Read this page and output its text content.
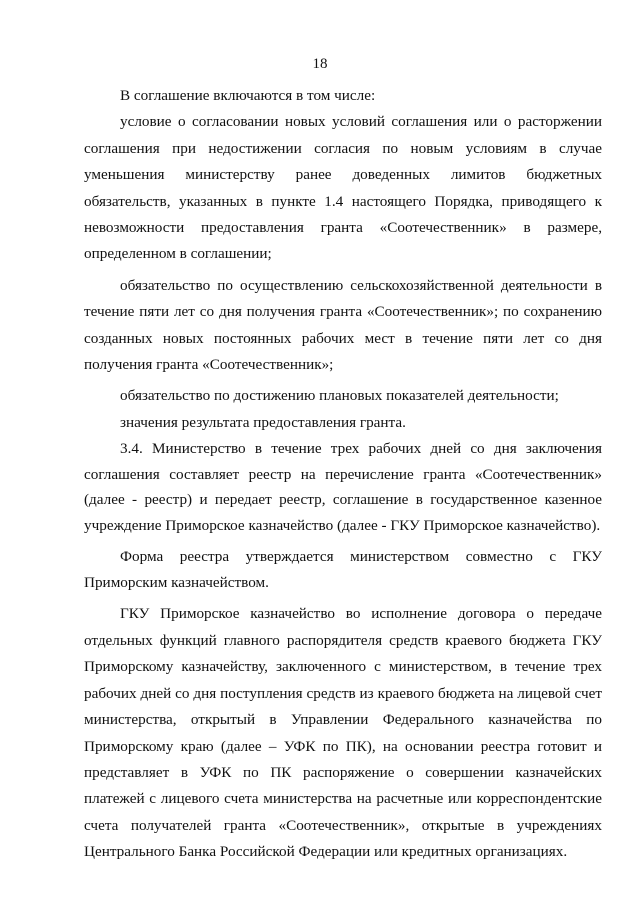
18

В соглашение включаются в том числе:

условие о согласовании новых условий соглашения или о расторжении соглашения при недостижении согласия по новым условиям в случае уменьшения министерству ранее доведенных лимитов бюджетных обязательств, указанных в пункте 1.4 настоящего Порядка, приводящего к невозможности предоставления гранта «Соотечественник» в размере, определенном в соглашении;

обязательство по осуществлению сельскохозяйственной деятельности в течение пяти лет со дня получения гранта «Соотечественник»; по сохранению созданных новых постоянных рабочих мест в течение пяти лет со дня получения гранта «Соотечественник»;

обязательство по достижению плановых показателей деятельности;

значения результата предоставления гранта.

3.4. Министерство в течение трех рабочих дней со дня заключения соглашения составляет реестр на перечисление гранта «Соотечественник» (далее - реестр) и передает реестр, соглашение в государственное казенное учреждение Приморское казначейство (далее - ГКУ Приморское казначейство).

Форма реестра утверждается министерством совместно с ГКУ Приморским казначейством.

ГКУ Приморское казначейство во исполнение договора о передаче отдельных функций главного распорядителя средств краевого бюджета ГКУ Приморскому казначейству, заключенного с министерством, в течение трех рабочих дней со дня поступления средств из краевого бюджета на лицевой счет министерства, открытый в Управлении Федерального казначейства по Приморскому краю (далее – УФК по ПК), на основании реестра готовит и представляет в УФК по ПК распоряжение о совершении казначейских платежей с лицевого счета министерства на расчетные или корреспондентские счета получателей гранта «Соотечественник», открытые в учреждениях Центрального Банка Российской Федерации или кредитных организациях.
